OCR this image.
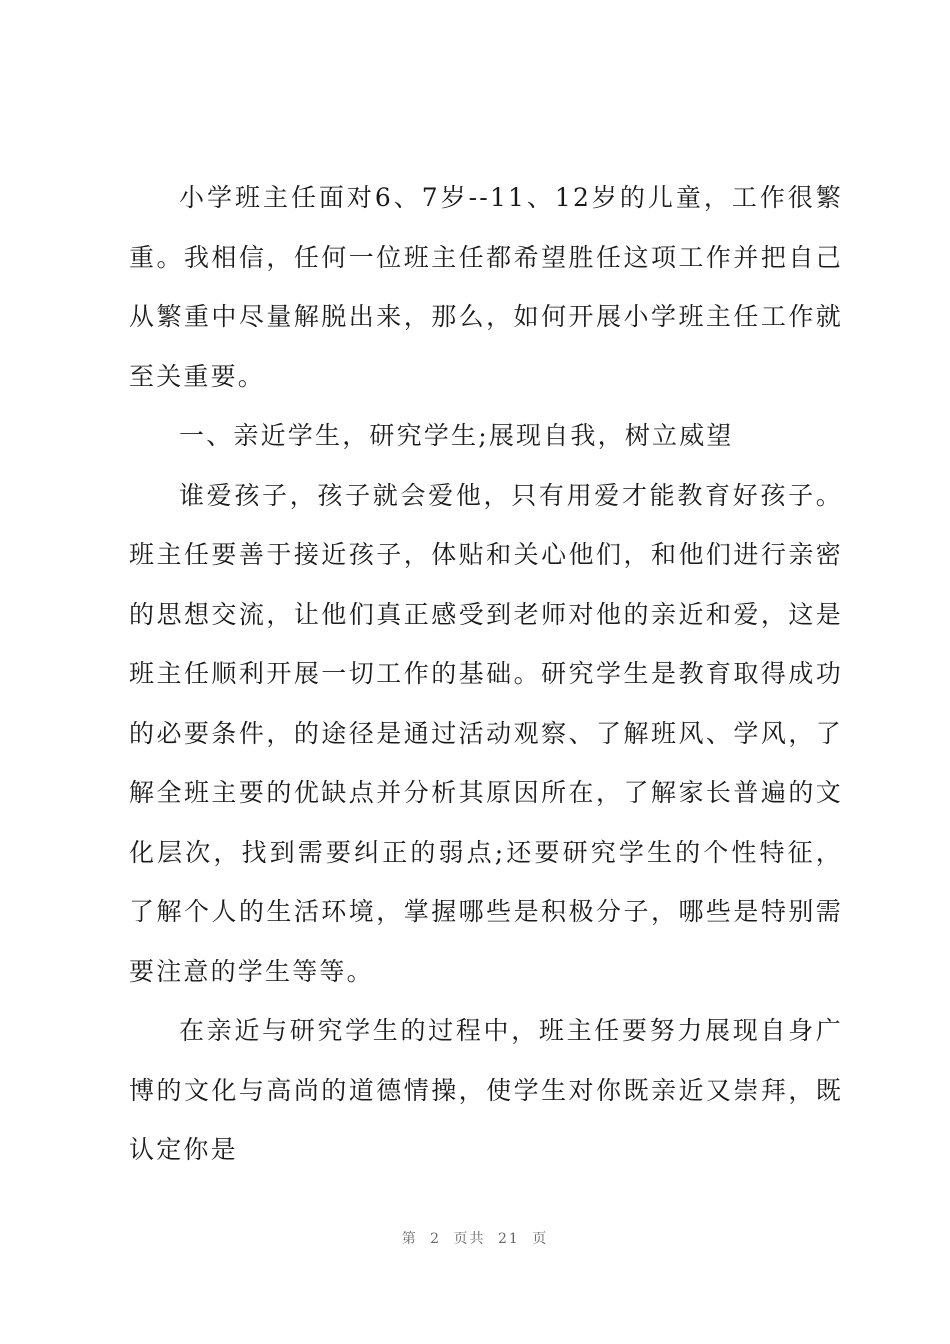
小学班主任面对6、7岁--11、12岁的儿童，工作很繁重。我相信，任何一位班主任都希望胜任这项工作并把自己从繁重中尽量解脱出来，那么，如何开展小学班主任工作就至关重要。

一、亲近学生，研究学生;展现自我，树立威望

谁爱孩子，孩子就会爱他，只有用爱才能教育好孩子。班主任要善于接近孩子，体贴和关心他们，和他们进行亲密的思想交流，让他们真正感受到老师对他的亲近和爱，这是班主任顺利开展一切工作的基础。研究学生是教育取得成功的必要条件，的途径是通过活动观察、了解班风、学风，了解全班主要的优缺点并分析其原因所在，了解家长普遍的文化层次，找到需要纠正的弱点;还要研究学生的个性特征，了解个人的生活环境，掌握哪些是积极分子，哪些是特别需要注意的学生等等。

在亲近与研究学生的过程中，班主任要努力展现自身广博的文化与高尚的道德情操，使学生对你既亲近又崇拜，既认定你是

第 2 页共 21 页
